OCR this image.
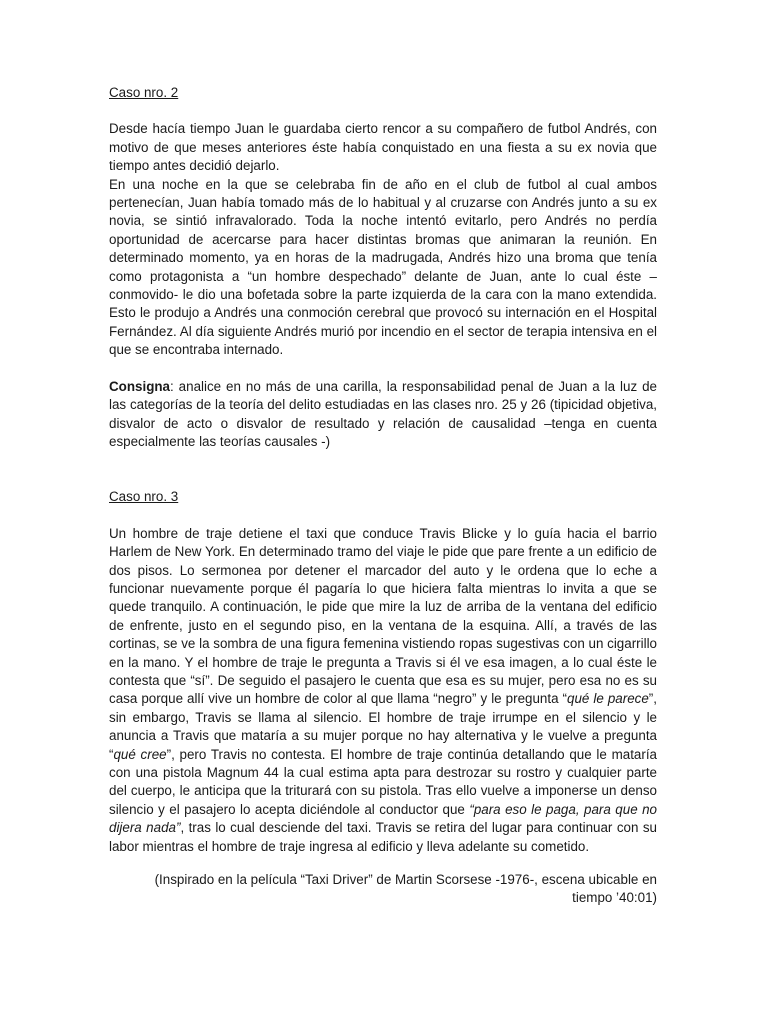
Caso nro. 2

Desde hacía tiempo Juan le guardaba cierto rencor a su compañero de futbol Andrés, con motivo de que meses anteriores éste había conquistado en una fiesta a su ex novia que tiempo antes decidió dejarlo.

En una noche en la que se celebraba fin de año en el club de futbol al cual ambos pertenecían, Juan había tomado más de lo habitual y al cruzarse con Andrés junto a su ex novia, se sintió infravalorado. Toda la noche intentó evitarlo, pero Andrés no perdía oportunidad de acercarse para hacer distintas bromas que animaran la reunión. En determinado momento, ya en horas de la madrugada, Andrés hizo una broma que tenía como protagonista a “un hombre despechado” delante de Juan, ante lo cual éste –conmovido- le dio una bofetada sobre la parte izquierda de la cara con la mano extendida. Esto le produjo a Andrés una conmoción cerebral que provocó su internación en el Hospital Fernández. Al día siguiente Andrés murió por incendio en el sector de terapia intensiva en el que se encontraba internado.

Consigna: analice en no más de una carilla, la responsabilidad penal de Juan a la luz de las categorías de la teoría del delito estudiadas en las clases nro. 25 y 26 (tipicidad objetiva, disvalor de acto o disvalor de resultado y relación de causalidad –tenga en cuenta especialmente las teorías causales -)

Caso nro. 3

Un hombre de traje detiene el taxi que conduce Travis Blicke y lo guía hacia el barrio Harlem de New York. En determinado tramo del viaje le pide que pare frente a un edificio de dos pisos. Lo sermonea por detener el marcador del auto y le ordena que lo eche a funcionar nuevamente porque él pagaría lo que hiciera falta mientras lo invita a que se quede tranquilo. A continuación, le pide que mire la luz de arriba de la ventana del edificio de enfrente, justo en el segundo piso, en la ventana de la esquina. Allí, a través de las cortinas, se ve la sombra de una figura femenina vistiendo ropas sugestivas con un cigarrillo en la mano. Y el hombre de traje le pregunta a Travis si él ve esa imagen, a lo cual éste le contesta que “sí”. De seguido el pasajero le cuenta que esa es su mujer, pero esa no es su casa porque allí vive un hombre de color al que llama “negro” y le pregunta “qué le parece”, sin embargo, Travis se llama al silencio. El hombre de traje irrumpe en el silencio y le anuncia a Travis que mataría a su mujer porque no hay alternativa y le vuelve a pregunta “qué cree”, pero Travis no contesta. El hombre de traje continúa detallando que le mataría con una pistola Magnum 44 la cual estima apta para destrozar su rostro y cualquier parte del cuerpo, le anticipa que la triturará con su pistola. Tras ello vuelve a imponerse un denso silencio y el pasajero lo acepta diciéndole al conductor que “para eso le paga, para que no dijera nada”, tras lo cual desciende del taxi. Travis se retira del lugar para continuar con su labor mientras el hombre de traje ingresa al edificio y lleva adelante su cometido.

(Inspirado en la película “Taxi Driver” de Martin Scorsese -1976-, escena ubicable en tiempo ’40:01)
